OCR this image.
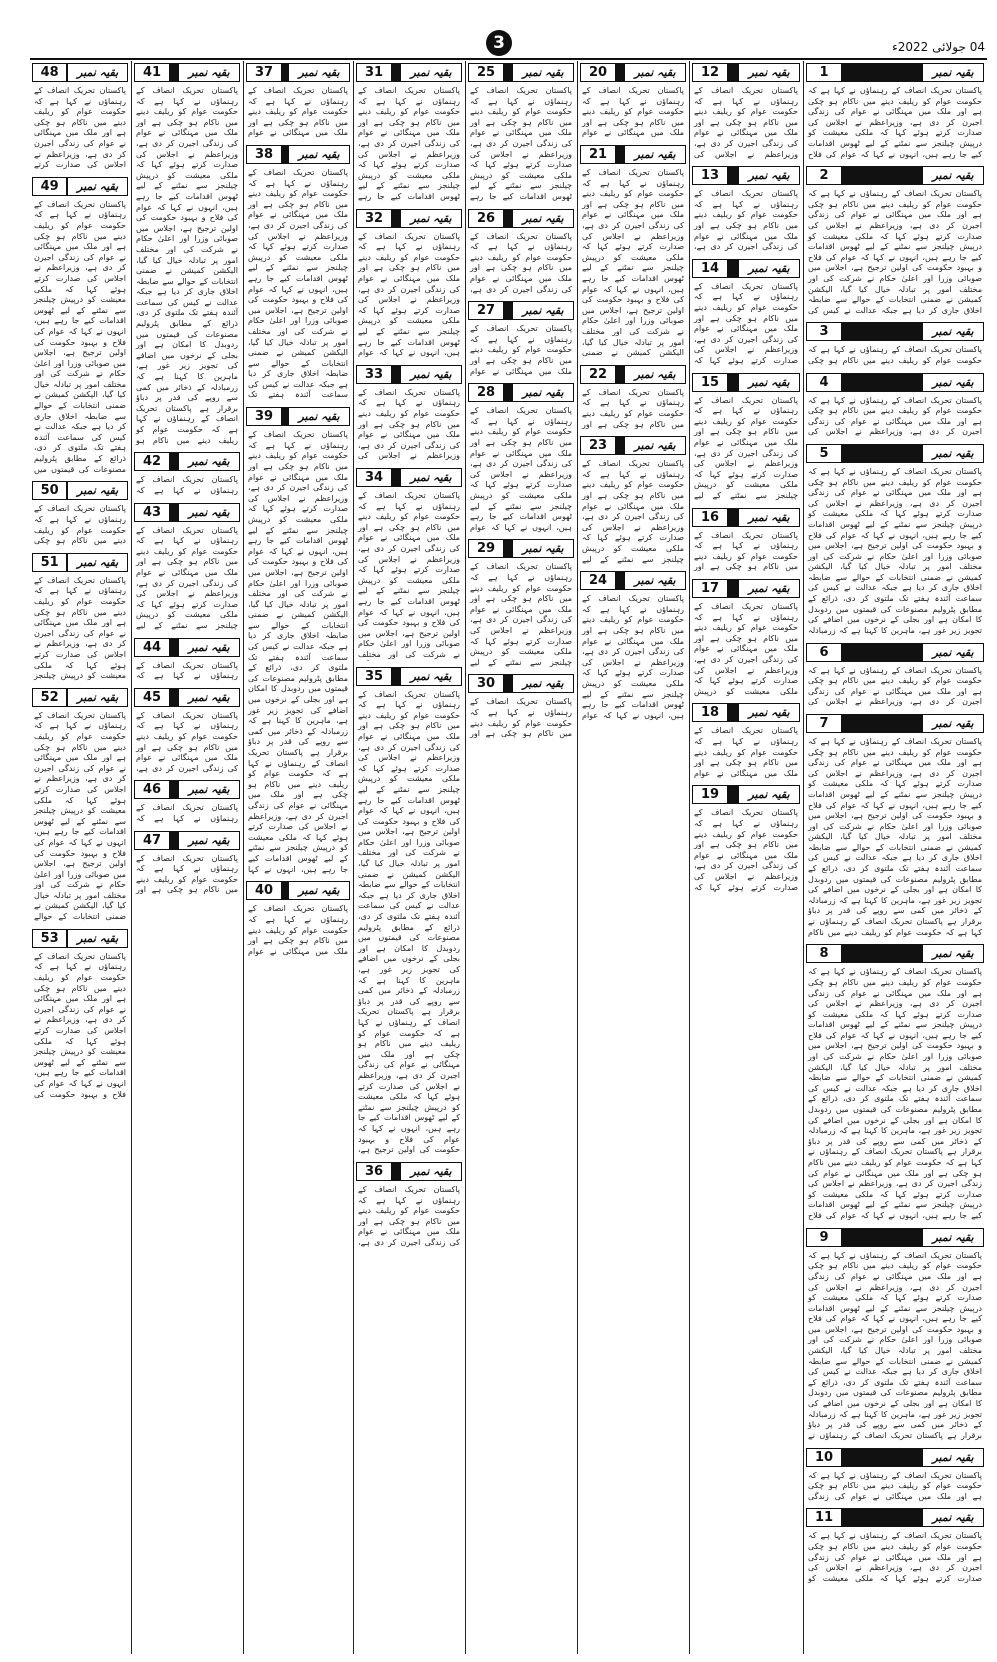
3	04 جولائی 2022ء
1	بقیہ نمبر
پاکستان تحریک انصاف کے رہنماؤں نے کہا ہے کہ حکومت عوام کو ریلیف دینے میں ناکام ہو چکی ہے اور ملک میں مہنگائی نے عوام کی زندگی اجیرن کر دی ہے، وزیراعظم نے اجلاس کی صدارت کرتے ہوئے کہا کہ ملکی معیشت کو درپیش چیلنجز سے نمٹنے کے لیے ٹھوس اقدامات کیے جا رہے ہیں، انہوں نے کہا کہ عوام کی فلاح
2	بقیہ نمبر
پاکستان تحریک انصاف کے رہنماؤں نے کہا ہے کہ حکومت عوام کو ریلیف دینے میں ناکام ہو چکی ہے اور ملک میں مہنگائی نے عوام کی زندگی اجیرن کر دی ہے، وزیراعظم نے اجلاس کی صدارت کرتے ہوئے کہا کہ ملکی معیشت کو درپیش چیلنجز سے نمٹنے کے لیے ٹھوس اقدامات کیے جا رہے ہیں، انہوں نے کہا کہ عوام کی فلاح و بہبود حکومت کی اولین ترجیح ہے، اجلاس میں صوبائی وزرا اور اعلیٰ حکام نے شرکت کی اور مختلف امور پر تبادلہ خیال کیا گیا، الیکشن کمیشن نے ضمنی انتخابات کے حوالے سے ضابطہ اخلاق جاری کر دیا ہے جبکہ عدالت نے کیس کی
3	بقیہ نمبر
پاکستان تحریک انصاف کے رہنماؤں نے کہا ہے کہ حکومت عوام کو ریلیف دینے میں ناکام ہو چکی
4	بقیہ نمبر
پاکستان تحریک انصاف کے رہنماؤں نے کہا ہے کہ حکومت عوام کو ریلیف دینے میں ناکام ہو چکی ہے اور ملک میں مہنگائی نے عوام کی زندگی اجیرن کر دی ہے، وزیراعظم نے اجلاس کی
5	بقیہ نمبر
پاکستان تحریک انصاف کے رہنماؤں نے کہا ہے کہ حکومت عوام کو ریلیف دینے میں ناکام ہو چکی ہے اور ملک میں مہنگائی نے عوام کی زندگی اجیرن کر دی ہے، وزیراعظم نے اجلاس کی صدارت کرتے ہوئے کہا کہ ملکی معیشت کو درپیش چیلنجز سے نمٹنے کے لیے ٹھوس اقدامات کیے جا رہے ہیں، انہوں نے کہا کہ عوام کی فلاح و بہبود حکومت کی اولین ترجیح ہے، اجلاس میں صوبائی وزرا اور اعلیٰ حکام نے شرکت کی اور مختلف امور پر تبادلہ خیال کیا گیا، الیکشن کمیشن نے ضمنی انتخابات کے حوالے سے ضابطہ اخلاق جاری کر دیا ہے جبکہ عدالت نے کیس کی سماعت آئندہ ہفتے تک ملتوی کر دی، ذرائع کے مطابق پٹرولیم مصنوعات کی قیمتوں میں ردوبدل کا امکان ہے اور بجلی کے نرخوں میں اضافے کی تجویز زیر غور ہے، ماہرین کا کہنا ہے کہ زرمبادلہ
6	بقیہ نمبر
پاکستان تحریک انصاف کے رہنماؤں نے کہا ہے کہ حکومت عوام کو ریلیف دینے میں ناکام ہو چکی ہے اور ملک میں مہنگائی نے عوام کی زندگی اجیرن کر دی ہے، وزیراعظم نے اجلاس کی
7	بقیہ نمبر
پاکستان تحریک انصاف کے رہنماؤں نے کہا ہے کہ حکومت عوام کو ریلیف دینے میں ناکام ہو چکی ہے اور ملک میں مہنگائی نے عوام کی زندگی اجیرن کر دی ہے، وزیراعظم نے اجلاس کی صدارت کرتے ہوئے کہا کہ ملکی معیشت کو درپیش چیلنجز سے نمٹنے کے لیے ٹھوس اقدامات کیے جا رہے ہیں، انہوں نے کہا کہ عوام کی فلاح و بہبود حکومت کی اولین ترجیح ہے، اجلاس میں صوبائی وزرا اور اعلیٰ حکام نے شرکت کی اور مختلف امور پر تبادلہ خیال کیا گیا، الیکشن کمیشن نے ضمنی انتخابات کے حوالے سے ضابطہ اخلاق جاری کر دیا ہے جبکہ عدالت نے کیس کی سماعت آئندہ ہفتے تک ملتوی کر دی، ذرائع کے مطابق پٹرولیم مصنوعات کی قیمتوں میں ردوبدل کا امکان ہے اور بجلی کے نرخوں میں اضافے کی تجویز زیر غور ہے، ماہرین کا کہنا ہے کہ زرمبادلہ کے ذخائر میں کمی سے روپے کی قدر پر دباؤ برقرار ہے پاکستان تحریک انصاف کے رہنماؤں نے کہا ہے کہ حکومت عوام کو ریلیف دینے میں ناکام
8	بقیہ نمبر
پاکستان تحریک انصاف کے رہنماؤں نے کہا ہے کہ حکومت عوام کو ریلیف دینے میں ناکام ہو چکی ہے اور ملک میں مہنگائی نے عوام کی زندگی اجیرن کر دی ہے، وزیراعظم نے اجلاس کی صدارت کرتے ہوئے کہا کہ ملکی معیشت کو درپیش چیلنجز سے نمٹنے کے لیے ٹھوس اقدامات کیے جا رہے ہیں، انہوں نے کہا کہ عوام کی فلاح و بہبود حکومت کی اولین ترجیح ہے، اجلاس میں صوبائی وزرا اور اعلیٰ حکام نے شرکت کی اور مختلف امور پر تبادلہ خیال کیا گیا، الیکشن کمیشن نے ضمنی انتخابات کے حوالے سے ضابطہ اخلاق جاری کر دیا ہے جبکہ عدالت نے کیس کی سماعت آئندہ ہفتے تک ملتوی کر دی، ذرائع کے مطابق پٹرولیم مصنوعات کی قیمتوں میں ردوبدل کا امکان ہے اور بجلی کے نرخوں میں اضافے کی تجویز زیر غور ہے، ماہرین کا کہنا ہے کہ زرمبادلہ کے ذخائر میں کمی سے روپے کی قدر پر دباؤ برقرار ہے پاکستان تحریک انصاف کے رہنماؤں نے کہا ہے کہ حکومت عوام کو ریلیف دینے میں ناکام ہو چکی ہے اور ملک میں مہنگائی نے عوام کی زندگی اجیرن کر دی ہے، وزیراعظم نے اجلاس کی صدارت کرتے ہوئے کہا کہ ملکی معیشت کو درپیش چیلنجز سے نمٹنے کے لیے ٹھوس اقدامات کیے جا رہے ہیں، انہوں نے کہا کہ عوام کی فلاح
9	بقیہ نمبر
پاکستان تحریک انصاف کے رہنماؤں نے کہا ہے کہ حکومت عوام کو ریلیف دینے میں ناکام ہو چکی ہے اور ملک میں مہنگائی نے عوام کی زندگی اجیرن کر دی ہے، وزیراعظم نے اجلاس کی صدارت کرتے ہوئے کہا کہ ملکی معیشت کو درپیش چیلنجز سے نمٹنے کے لیے ٹھوس اقدامات کیے جا رہے ہیں، انہوں نے کہا کہ عوام کی فلاح و بہبود حکومت کی اولین ترجیح ہے، اجلاس میں صوبائی وزرا اور اعلیٰ حکام نے شرکت کی اور مختلف امور پر تبادلہ خیال کیا گیا، الیکشن کمیشن نے ضمنی انتخابات کے حوالے سے ضابطہ اخلاق جاری کر دیا ہے جبکہ عدالت نے کیس کی سماعت آئندہ ہفتے تک ملتوی کر دی، ذرائع کے مطابق پٹرولیم مصنوعات کی قیمتوں میں ردوبدل کا امکان ہے اور بجلی کے نرخوں میں اضافے کی تجویز زیر غور ہے، ماہرین کا کہنا ہے کہ زرمبادلہ کے ذخائر میں کمی سے روپے کی قدر پر دباؤ برقرار ہے پاکستان تحریک انصاف کے رہنماؤں نے
10	بقیہ نمبر
پاکستان تحریک انصاف کے رہنماؤں نے کہا ہے کہ حکومت عوام کو ریلیف دینے میں ناکام ہو چکی ہے اور ملک میں مہنگائی نے عوام کی زندگی
11	بقیہ نمبر
پاکستان تحریک انصاف کے رہنماؤں نے کہا ہے کہ حکومت عوام کو ریلیف دینے میں ناکام ہو چکی ہے اور ملک میں مہنگائی نے عوام کی زندگی اجیرن کر دی ہے، وزیراعظم نے اجلاس کی صدارت کرتے ہوئے کہا کہ ملکی معیشت کو
12	بقیہ نمبر
پاکستان تحریک انصاف کے رہنماؤں نے کہا ہے کہ حکومت عوام کو ریلیف دینے میں ناکام ہو چکی ہے اور ملک میں مہنگائی نے عوام کی زندگی اجیرن کر دی ہے، وزیراعظم نے اجلاس کی
13	بقیہ نمبر
پاکستان تحریک انصاف کے رہنماؤں نے کہا ہے کہ حکومت عوام کو ریلیف دینے میں ناکام ہو چکی ہے اور ملک میں مہنگائی نے عوام کی زندگی اجیرن کر دی ہے،
14	بقیہ نمبر
پاکستان تحریک انصاف کے رہنماؤں نے کہا ہے کہ حکومت عوام کو ریلیف دینے میں ناکام ہو چکی ہے اور ملک میں مہنگائی نے عوام کی زندگی اجیرن کر دی ہے، وزیراعظم نے اجلاس کی صدارت کرتے ہوئے کہا کہ
15	بقیہ نمبر
پاکستان تحریک انصاف کے رہنماؤں نے کہا ہے کہ حکومت عوام کو ریلیف دینے میں ناکام ہو چکی ہے اور ملک میں مہنگائی نے عوام کی زندگی اجیرن کر دی ہے، وزیراعظم نے اجلاس کی صدارت کرتے ہوئے کہا کہ ملکی معیشت کو درپیش چیلنجز سے نمٹنے کے لیے
16	بقیہ نمبر
پاکستان تحریک انصاف کے رہنماؤں نے کہا ہے کہ حکومت عوام کو ریلیف دینے میں ناکام ہو چکی ہے اور
17	بقیہ نمبر
پاکستان تحریک انصاف کے رہنماؤں نے کہا ہے کہ حکومت عوام کو ریلیف دینے میں ناکام ہو چکی ہے اور ملک میں مہنگائی نے عوام کی زندگی اجیرن کر دی ہے، وزیراعظم نے اجلاس کی صدارت کرتے ہوئے کہا کہ ملکی معیشت کو درپیش
18	بقیہ نمبر
پاکستان تحریک انصاف کے رہنماؤں نے کہا ہے کہ حکومت عوام کو ریلیف دینے میں ناکام ہو چکی ہے اور ملک میں مہنگائی نے عوام
19	بقیہ نمبر
پاکستان تحریک انصاف کے رہنماؤں نے کہا ہے کہ حکومت عوام کو ریلیف دینے میں ناکام ہو چکی ہے اور ملک میں مہنگائی نے عوام کی زندگی اجیرن کر دی ہے، وزیراعظم نے اجلاس کی صدارت کرتے ہوئے کہا کہ
20	بقیہ نمبر
پاکستان تحریک انصاف کے رہنماؤں نے کہا ہے کہ حکومت عوام کو ریلیف دینے میں ناکام ہو چکی ہے اور ملک میں مہنگائی نے عوام
21	بقیہ نمبر
پاکستان تحریک انصاف کے رہنماؤں نے کہا ہے کہ حکومت عوام کو ریلیف دینے میں ناکام ہو چکی ہے اور ملک میں مہنگائی نے عوام کی زندگی اجیرن کر دی ہے، وزیراعظم نے اجلاس کی صدارت کرتے ہوئے کہا کہ ملکی معیشت کو درپیش چیلنجز سے نمٹنے کے لیے ٹھوس اقدامات کیے جا رہے ہیں، انہوں نے کہا کہ عوام کی فلاح و بہبود حکومت کی اولین ترجیح ہے، اجلاس میں صوبائی وزرا اور اعلیٰ حکام نے شرکت کی اور مختلف امور پر تبادلہ خیال کیا گیا، الیکشن کمیشن نے ضمنی
22	بقیہ نمبر
پاکستان تحریک انصاف کے رہنماؤں نے کہا ہے کہ حکومت عوام کو ریلیف دینے میں ناکام ہو چکی ہے اور
23	بقیہ نمبر
پاکستان تحریک انصاف کے رہنماؤں نے کہا ہے کہ حکومت عوام کو ریلیف دینے میں ناکام ہو چکی ہے اور ملک میں مہنگائی نے عوام کی زندگی اجیرن کر دی ہے، وزیراعظم نے اجلاس کی صدارت کرتے ہوئے کہا کہ ملکی معیشت کو درپیش چیلنجز سے نمٹنے کے لیے
24	بقیہ نمبر
پاکستان تحریک انصاف کے رہنماؤں نے کہا ہے کہ حکومت عوام کو ریلیف دینے میں ناکام ہو چکی ہے اور ملک میں مہنگائی نے عوام کی زندگی اجیرن کر دی ہے، وزیراعظم نے اجلاس کی صدارت کرتے ہوئے کہا کہ ملکی معیشت کو درپیش چیلنجز سے نمٹنے کے لیے ٹھوس اقدامات کیے جا رہے ہیں، انہوں نے کہا کہ عوام
25	بقیہ نمبر
پاکستان تحریک انصاف کے رہنماؤں نے کہا ہے کہ حکومت عوام کو ریلیف دینے میں ناکام ہو چکی ہے اور ملک میں مہنگائی نے عوام کی زندگی اجیرن کر دی ہے، وزیراعظم نے اجلاس کی صدارت کرتے ہوئے کہا کہ ملکی معیشت کو درپیش چیلنجز سے نمٹنے کے لیے ٹھوس اقدامات کیے جا رہے
26	بقیہ نمبر
پاکستان تحریک انصاف کے رہنماؤں نے کہا ہے کہ حکومت عوام کو ریلیف دینے میں ناکام ہو چکی ہے اور ملک میں مہنگائی نے عوام کی زندگی اجیرن کر دی ہے،
27	بقیہ نمبر
پاکستان تحریک انصاف کے رہنماؤں نے کہا ہے کہ حکومت عوام کو ریلیف دینے میں ناکام ہو چکی ہے اور ملک میں مہنگائی نے عوام
28	بقیہ نمبر
پاکستان تحریک انصاف کے رہنماؤں نے کہا ہے کہ حکومت عوام کو ریلیف دینے میں ناکام ہو چکی ہے اور ملک میں مہنگائی نے عوام کی زندگی اجیرن کر دی ہے، وزیراعظم نے اجلاس کی صدارت کرتے ہوئے کہا کہ ملکی معیشت کو درپیش چیلنجز سے نمٹنے کے لیے ٹھوس اقدامات کیے جا رہے ہیں، انہوں نے کہا کہ عوام
29	بقیہ نمبر
پاکستان تحریک انصاف کے رہنماؤں نے کہا ہے کہ حکومت عوام کو ریلیف دینے میں ناکام ہو چکی ہے اور ملک میں مہنگائی نے عوام کی زندگی اجیرن کر دی ہے، وزیراعظم نے اجلاس کی صدارت کرتے ہوئے کہا کہ ملکی معیشت کو درپیش چیلنجز سے نمٹنے کے لیے
30	بقیہ نمبر
پاکستان تحریک انصاف کے رہنماؤں نے کہا ہے کہ حکومت عوام کو ریلیف دینے میں ناکام ہو چکی ہے اور
31	بقیہ نمبر
پاکستان تحریک انصاف کے رہنماؤں نے کہا ہے کہ حکومت عوام کو ریلیف دینے میں ناکام ہو چکی ہے اور ملک میں مہنگائی نے عوام کی زندگی اجیرن کر دی ہے، وزیراعظم نے اجلاس کی صدارت کرتے ہوئے کہا کہ ملکی معیشت کو درپیش چیلنجز سے نمٹنے کے لیے ٹھوس اقدامات کیے جا رہے
32	بقیہ نمبر
پاکستان تحریک انصاف کے رہنماؤں نے کہا ہے کہ حکومت عوام کو ریلیف دینے میں ناکام ہو چکی ہے اور ملک میں مہنگائی نے عوام کی زندگی اجیرن کر دی ہے، وزیراعظم نے اجلاس کی صدارت کرتے ہوئے کہا کہ ملکی معیشت کو درپیش چیلنجز سے نمٹنے کے لیے ٹھوس اقدامات کیے جا رہے ہیں، انہوں نے کہا کہ عوام
33	بقیہ نمبر
پاکستان تحریک انصاف کے رہنماؤں نے کہا ہے کہ حکومت عوام کو ریلیف دینے میں ناکام ہو چکی ہے اور ملک میں مہنگائی نے عوام کی زندگی اجیرن کر دی ہے، وزیراعظم نے اجلاس کی
34	بقیہ نمبر
پاکستان تحریک انصاف کے رہنماؤں نے کہا ہے کہ حکومت عوام کو ریلیف دینے میں ناکام ہو چکی ہے اور ملک میں مہنگائی نے عوام کی زندگی اجیرن کر دی ہے، وزیراعظم نے اجلاس کی صدارت کرتے ہوئے کہا کہ ملکی معیشت کو درپیش چیلنجز سے نمٹنے کے لیے ٹھوس اقدامات کیے جا رہے ہیں، انہوں نے کہا کہ عوام کی فلاح و بہبود حکومت کی اولین ترجیح ہے، اجلاس میں صوبائی وزرا اور اعلیٰ حکام نے شرکت کی اور مختلف
35	بقیہ نمبر
پاکستان تحریک انصاف کے رہنماؤں نے کہا ہے کہ حکومت عوام کو ریلیف دینے میں ناکام ہو چکی ہے اور ملک میں مہنگائی نے عوام کی زندگی اجیرن کر دی ہے، وزیراعظم نے اجلاس کی صدارت کرتے ہوئے کہا کہ ملکی معیشت کو درپیش چیلنجز سے نمٹنے کے لیے ٹھوس اقدامات کیے جا رہے ہیں، انہوں نے کہا کہ عوام کی فلاح و بہبود حکومت کی اولین ترجیح ہے، اجلاس میں صوبائی وزرا اور اعلیٰ حکام نے شرکت کی اور مختلف امور پر تبادلہ خیال کیا گیا، الیکشن کمیشن نے ضمنی انتخابات کے حوالے سے ضابطہ اخلاق جاری کر دیا ہے جبکہ عدالت نے کیس کی سماعت آئندہ ہفتے تک ملتوی کر دی، ذرائع کے مطابق پٹرولیم مصنوعات کی قیمتوں میں ردوبدل کا امکان ہے اور بجلی کے نرخوں میں اضافے کی تجویز زیر غور ہے، ماہرین کا کہنا ہے کہ زرمبادلہ کے ذخائر میں کمی سے روپے کی قدر پر دباؤ برقرار ہے پاکستان تحریک انصاف کے رہنماؤں نے کہا ہے کہ حکومت عوام کو ریلیف دینے میں ناکام ہو چکی ہے اور ملک میں مہنگائی نے عوام کی زندگی اجیرن کر دی ہے، وزیراعظم نے اجلاس کی صدارت کرتے ہوئے کہا کہ ملکی معیشت کو درپیش چیلنجز سے نمٹنے کے لیے ٹھوس اقدامات کیے جا رہے ہیں، انہوں نے کہا کہ عوام کی فلاح و بہبود حکومت کی اولین ترجیح ہے،
36	بقیہ نمبر
پاکستان تحریک انصاف کے رہنماؤں نے کہا ہے کہ حکومت عوام کو ریلیف دینے میں ناکام ہو چکی ہے اور ملک میں مہنگائی نے عوام کی زندگی اجیرن کر دی ہے،
37	بقیہ نمبر
پاکستان تحریک انصاف کے رہنماؤں نے کہا ہے کہ حکومت عوام کو ریلیف دینے میں ناکام ہو چکی ہے اور ملک میں مہنگائی نے عوام
38	بقیہ نمبر
پاکستان تحریک انصاف کے رہنماؤں نے کہا ہے کہ حکومت عوام کو ریلیف دینے میں ناکام ہو چکی ہے اور ملک میں مہنگائی نے عوام کی زندگی اجیرن کر دی ہے، وزیراعظم نے اجلاس کی صدارت کرتے ہوئے کہا کہ ملکی معیشت کو درپیش چیلنجز سے نمٹنے کے لیے ٹھوس اقدامات کیے جا رہے ہیں، انہوں نے کہا کہ عوام کی فلاح و بہبود حکومت کی اولین ترجیح ہے، اجلاس میں صوبائی وزرا اور اعلیٰ حکام نے شرکت کی اور مختلف امور پر تبادلہ خیال کیا گیا، الیکشن کمیشن نے ضمنی انتخابات کے حوالے سے ضابطہ اخلاق جاری کر دیا ہے جبکہ عدالت نے کیس کی سماعت آئندہ ہفتے تک
39	بقیہ نمبر
پاکستان تحریک انصاف کے رہنماؤں نے کہا ہے کہ حکومت عوام کو ریلیف دینے میں ناکام ہو چکی ہے اور ملک میں مہنگائی نے عوام کی زندگی اجیرن کر دی ہے، وزیراعظم نے اجلاس کی صدارت کرتے ہوئے کہا کہ ملکی معیشت کو درپیش چیلنجز سے نمٹنے کے لیے ٹھوس اقدامات کیے جا رہے ہیں، انہوں نے کہا کہ عوام کی فلاح و بہبود حکومت کی اولین ترجیح ہے، اجلاس میں صوبائی وزرا اور اعلیٰ حکام نے شرکت کی اور مختلف امور پر تبادلہ خیال کیا گیا، الیکشن کمیشن نے ضمنی انتخابات کے حوالے سے ضابطہ اخلاق جاری کر دیا ہے جبکہ عدالت نے کیس کی سماعت آئندہ ہفتے تک ملتوی کر دی، ذرائع کے مطابق پٹرولیم مصنوعات کی قیمتوں میں ردوبدل کا امکان ہے اور بجلی کے نرخوں میں اضافے کی تجویز زیر غور ہے، ماہرین کا کہنا ہے کہ زرمبادلہ کے ذخائر میں کمی سے روپے کی قدر پر دباؤ برقرار ہے پاکستان تحریک انصاف کے رہنماؤں نے کہا ہے کہ حکومت عوام کو ریلیف دینے میں ناکام ہو چکی ہے اور ملک میں مہنگائی نے عوام کی زندگی اجیرن کر دی ہے، وزیراعظم نے اجلاس کی صدارت کرتے ہوئے کہا کہ ملکی معیشت کو درپیش چیلنجز سے نمٹنے کے لیے ٹھوس اقدامات کیے جا رہے ہیں، انہوں نے کہا
40	بقیہ نمبر
پاکستان تحریک انصاف کے رہنماؤں نے کہا ہے کہ حکومت عوام کو ریلیف دینے میں ناکام ہو چکی ہے اور ملک میں مہنگائی نے عوام
41	بقیہ نمبر
پاکستان تحریک انصاف کے رہنماؤں نے کہا ہے کہ حکومت عوام کو ریلیف دینے میں ناکام ہو چکی ہے اور ملک میں مہنگائی نے عوام کی زندگی اجیرن کر دی ہے، وزیراعظم نے اجلاس کی صدارت کرتے ہوئے کہا کہ ملکی معیشت کو درپیش چیلنجز سے نمٹنے کے لیے ٹھوس اقدامات کیے جا رہے ہیں، انہوں نے کہا کہ عوام کی فلاح و بہبود حکومت کی اولین ترجیح ہے، اجلاس میں صوبائی وزرا اور اعلیٰ حکام نے شرکت کی اور مختلف امور پر تبادلہ خیال کیا گیا، الیکشن کمیشن نے ضمنی انتخابات کے حوالے سے ضابطہ اخلاق جاری کر دیا ہے جبکہ عدالت نے کیس کی سماعت آئندہ ہفتے تک ملتوی کر دی، ذرائع کے مطابق پٹرولیم مصنوعات کی قیمتوں میں ردوبدل کا امکان ہے اور بجلی کے نرخوں میں اضافے کی تجویز زیر غور ہے، ماہرین کا کہنا ہے کہ زرمبادلہ کے ذخائر میں کمی سے روپے کی قدر پر دباؤ برقرار ہے پاکستان تحریک انصاف کے رہنماؤں نے کہا ہے کہ حکومت عوام کو ریلیف دینے میں ناکام ہو
42	بقیہ نمبر
پاکستان تحریک انصاف کے رہنماؤں نے کہا ہے کہ
43	بقیہ نمبر
پاکستان تحریک انصاف کے رہنماؤں نے کہا ہے کہ حکومت عوام کو ریلیف دینے میں ناکام ہو چکی ہے اور ملک میں مہنگائی نے عوام کی زندگی اجیرن کر دی ہے، وزیراعظم نے اجلاس کی صدارت کرتے ہوئے کہا کہ ملکی معیشت کو درپیش چیلنجز سے نمٹنے کے لیے
44	بقیہ نمبر
پاکستان تحریک انصاف کے رہنماؤں نے کہا ہے کہ
45	بقیہ نمبر
پاکستان تحریک انصاف کے رہنماؤں نے کہا ہے کہ حکومت عوام کو ریلیف دینے میں ناکام ہو چکی ہے اور ملک میں مہنگائی نے عوام کی زندگی اجیرن کر دی ہے،
46	بقیہ نمبر
پاکستان تحریک انصاف کے رہنماؤں نے کہا ہے کہ
47	بقیہ نمبر
پاکستان تحریک انصاف کے رہنماؤں نے کہا ہے کہ حکومت عوام کو ریلیف دینے میں ناکام ہو چکی ہے اور
48	بقیہ نمبر
پاکستان تحریک انصاف کے رہنماؤں نے کہا ہے کہ حکومت عوام کو ریلیف دینے میں ناکام ہو چکی ہے اور ملک میں مہنگائی نے عوام کی زندگی اجیرن کر دی ہے، وزیراعظم نے اجلاس کی صدارت کرتے
49	بقیہ نمبر
پاکستان تحریک انصاف کے رہنماؤں نے کہا ہے کہ حکومت عوام کو ریلیف دینے میں ناکام ہو چکی ہے اور ملک میں مہنگائی نے عوام کی زندگی اجیرن کر دی ہے، وزیراعظم نے اجلاس کی صدارت کرتے ہوئے کہا کہ ملکی معیشت کو درپیش چیلنجز سے نمٹنے کے لیے ٹھوس اقدامات کیے جا رہے ہیں، انہوں نے کہا کہ عوام کی فلاح و بہبود حکومت کی اولین ترجیح ہے، اجلاس میں صوبائی وزرا اور اعلیٰ حکام نے شرکت کی اور مختلف امور پر تبادلہ خیال کیا گیا، الیکشن کمیشن نے ضمنی انتخابات کے حوالے سے ضابطہ اخلاق جاری کر دیا ہے جبکہ عدالت نے کیس کی سماعت آئندہ ہفتے تک ملتوی کر دی، ذرائع کے مطابق پٹرولیم مصنوعات کی قیمتوں میں
50	بقیہ نمبر
پاکستان تحریک انصاف کے رہنماؤں نے کہا ہے کہ حکومت عوام کو ریلیف دینے میں ناکام ہو چکی
51	بقیہ نمبر
پاکستان تحریک انصاف کے رہنماؤں نے کہا ہے کہ حکومت عوام کو ریلیف دینے میں ناکام ہو چکی ہے اور ملک میں مہنگائی نے عوام کی زندگی اجیرن کر دی ہے، وزیراعظم نے اجلاس کی صدارت کرتے ہوئے کہا کہ ملکی معیشت کو درپیش چیلنجز
52	بقیہ نمبر
پاکستان تحریک انصاف کے رہنماؤں نے کہا ہے کہ حکومت عوام کو ریلیف دینے میں ناکام ہو چکی ہے اور ملک میں مہنگائی نے عوام کی زندگی اجیرن کر دی ہے، وزیراعظم نے اجلاس کی صدارت کرتے ہوئے کہا کہ ملکی معیشت کو درپیش چیلنجز سے نمٹنے کے لیے ٹھوس اقدامات کیے جا رہے ہیں، انہوں نے کہا کہ عوام کی فلاح و بہبود حکومت کی اولین ترجیح ہے، اجلاس میں صوبائی وزرا اور اعلیٰ حکام نے شرکت کی اور مختلف امور پر تبادلہ خیال کیا گیا، الیکشن کمیشن نے ضمنی انتخابات کے حوالے
53	بقیہ نمبر
پاکستان تحریک انصاف کے رہنماؤں نے کہا ہے کہ حکومت عوام کو ریلیف دینے میں ناکام ہو چکی ہے اور ملک میں مہنگائی نے عوام کی زندگی اجیرن کر دی ہے، وزیراعظم نے اجلاس کی صدارت کرتے ہوئے کہا کہ ملکی معیشت کو درپیش چیلنجز سے نمٹنے کے لیے ٹھوس اقدامات کیے جا رہے ہیں، انہوں نے کہا کہ عوام کی فلاح و بہبود حکومت کی
